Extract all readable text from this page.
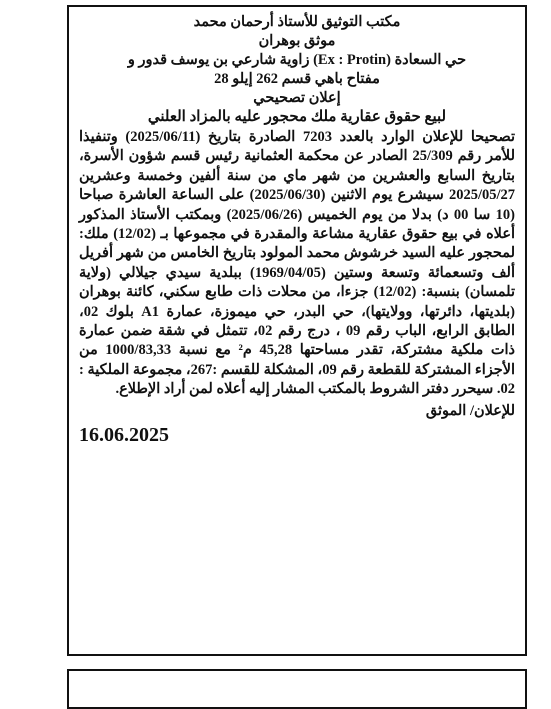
مكتب التوثيق للأستاذ أرحمان محمد
موثق بوهران
حي السعادة (Ex : Protin) زاوية شارعي بن يوسف قدور و
مفتاح باهي قسم 262 إيلو 28
إعلان تصحيحي
لبيع حقوق عقارية ملك محجور عليه بالمزاد العلني
تصحيحا للإعلان الوارد بالعدد 7203 الصادرة بتاريخ (2025/06/11) وتنفيذا للأمر رقم 25/309 الصادر عن محكمة العثمانية رئيس قسم شؤون الأسرة، بتاريخ السابع والعشرين من شهر ماي من سنة ألفين وخمسة وعشرين 2025/05/27 سيشرع يوم الاثنين (2025/06/30) على الساعة العاشرة صباحا (10 سا 00 د) بدلا من يوم الخميس (2025/06/26) وبمكتب الأستاذ المذكور أعلاه في بيع حقوق عقارية مشاعة والمقدرة في مجموعها بـ (12/02) ملك: لمحجور عليه السيد خرشوش محمد المولود بتاريخ الخامس من شهر أفريل ألف وتسعمائة وتسعة وستين (1969/04/05) ببلدية سيدي جيلالي (ولاية تلمسان) بنسبة: (12/02) جزءا، من محلات ذات طابع سكني، كائنة بوهران (بلديتها، دائرتها، وولايتها)، حي البدر، حي ميموزة، عمارة A1 بلوك 02، الطابق الرابع، الباب رقم 09 ، درج رقم 02، تتمثل في شقة ضمن عمارة ذات ملكية مشتركة، تقدر مساحتها 45,28 م² مع نسبة 1000/83,33 من الأجزاء المشتركة للقطعة رقم 09، المشكلة للقسم :267، مجموعة الملكية : 02. سيحرر دفتر الشروط بالمكتب المشار إليه أعلاه لمن أراد الإطلاع.
للإعلان/ الموثق
16.06.2025
